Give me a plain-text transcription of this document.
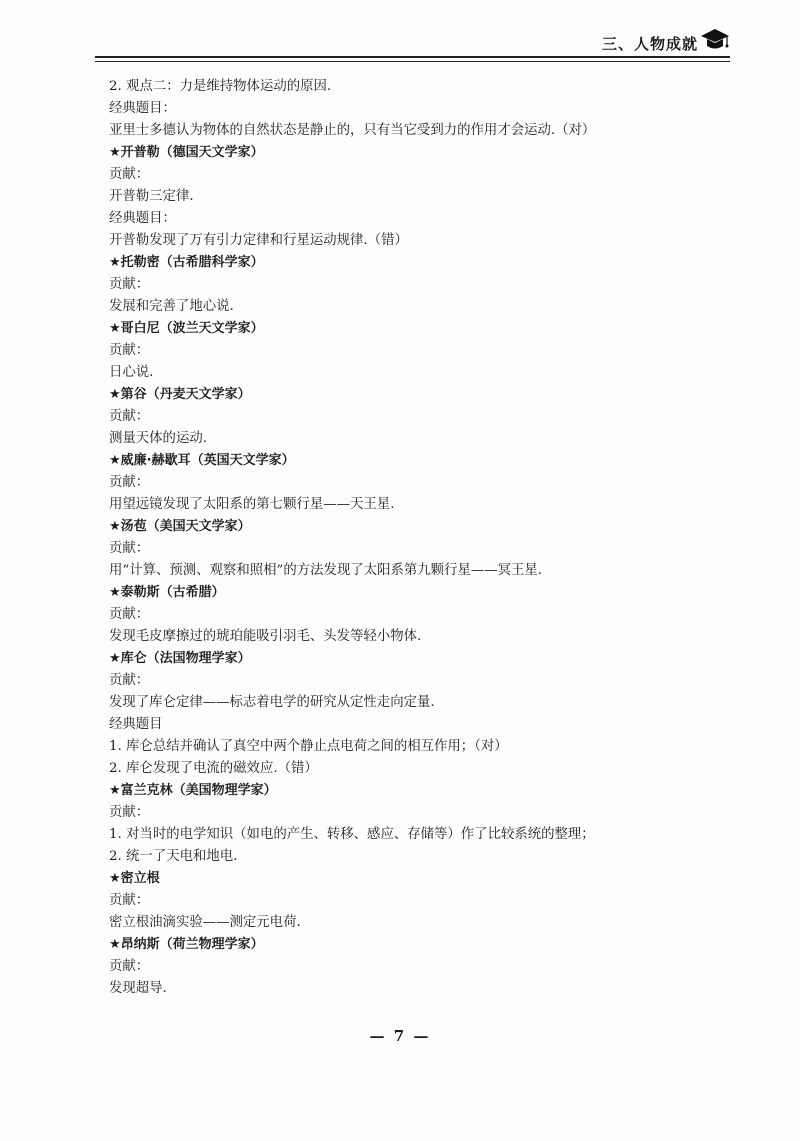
三、人物成就
2. 观点二：力是维持物体运动的原因.
经典题目：
亚里士多德认为物体的自然状态是静止的，只有当它受到力的作用才会运动.（对）
★开普勒（德国天文学家）
贡献：
开普勒三定律.
经典题目：
开普勒发现了万有引力定律和行星运动规律.（错）
★托勒密（古希腊科学家）
贡献：
发展和完善了地心说.
★哥白尼（波兰天文学家）
贡献：
日心说.
★第谷（丹麦天文学家）
贡献：
测量天体的运动.
★威廉·赫歇耳（英国天文学家）
贡献：
用望远镜发现了太阳系的第七颗行星——天王星.
★汤苞（美国天文学家）
贡献：
用“计算、预测、观察和照相”的方法发现了太阳系第九颗行星——冥王星.
★泰勒斯（古希腊）
贡献：
发现毛皮摩擦过的琥珀能吸引羽毛、头发等轻小物体.
★库仑（法国物理学家）
贡献：
发现了库仑定律——标志着电学的研究从定性走向定量.
经典题目
1. 库仑总结并确认了真空中两个静止点电荷之间的相互作用；（对）
2. 库仑发现了电流的磁效应.（错）
★富兰克林（美国物理学家）
贡献：
1. 对当时的电学知识（如电的产生、转移、感应、存储等）作了比较系统的整理；
2. 统一了天电和地电.
★密立根
贡献：
密立根油滴实验——测定元电荷.
★昂纳斯（荷兰物理学家）
贡献：
发现超导.
— 7 —
